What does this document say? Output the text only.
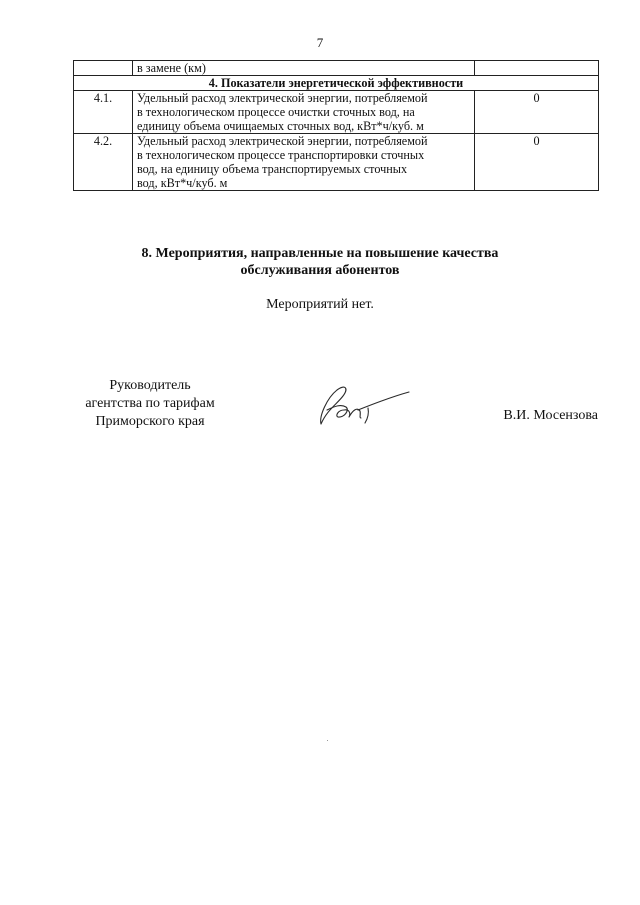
7
	в замене (км)	
4. Показатели энергетической эффективности		
4.1.	Удельный расход электрической энергии, потребляемой
в технологическом процессе очистки сточных вод, на
единицу объема очищаемых сточных вод, кВт*ч/куб. м	0
4.2.	Удельный расход электрической энергии, потребляемой
в технологическом процессе транспортировки сточных
вод, на единицу объема транспортируемых сточных
вод, кВт*ч/куб. м	0
8. Мероприятия, направленные на повышение качества
обслуживания абонентов
Мероприятий нет.
Руководитель
агентства по тарифам
Приморского края	В.И. Мосензова
